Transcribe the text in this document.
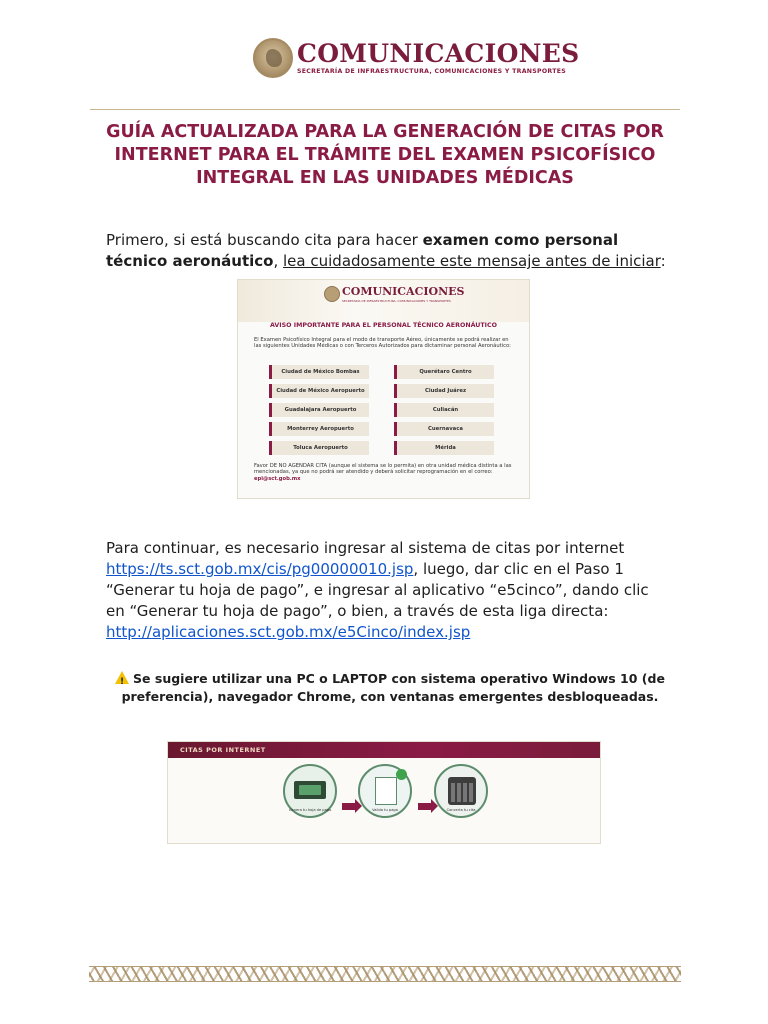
COMUNICACIONES
SECRETARÍA DE INFRAESTRUCTURA, COMUNICACIONES Y TRANSPORTES
GUÍA ACTUALIZADA PARA LA GENERACIÓN DE CITAS POR INTERNET PARA EL TRÁMITE DEL EXAMEN PSICOFÍSICO INTEGRAL EN LAS UNIDADES MÉDICAS
Primero, si está buscando cita para hacer examen como personal técnico aeronáutico, lea cuidadosamente este mensaje antes de iniciar:
COMUNICACIONES
SECRETARÍA DE INFRAESTRUCTURA, COMUNICACIONES Y TRANSPORTES
AVISO IMPORTANTE PARA EL PERSONAL TÉCNICO AERONÁUTICO
El Examen Psicofísico Integral para el modo de transporte Aéreo, únicamente se podrá realizar en las siguientes Unidades Médicas o con Terceros Autorizados para dictaminar personal Aeronáutico:
Ciudad de México Bombas
Ciudad de México Aeropuerto
Guadalajara Aeropuerto
Monterrey Aeropuerto
Toluca Aeropuerto
Querétaro Centro
Ciudad Juárez
Culiacán
Cuernavaca
Mérida
Favor DE NO AGENDAR CITA (aunque el sistema se lo permita) en otra unidad médica distinta a las mencionadas, ya que no podrá ser atendido y deberá solicitar reprogramación en el correo: epi@sct.gob.mx
Para continuar, es necesario ingresar al sistema de citas por internet https://ts.sct.gob.mx/cis/pg00000010.jsp, luego, dar clic en el Paso 1 “Generar tu hoja de pago”, e ingresar al aplicativo “e5cinco”, dando clic en “Generar tu hoja de pago”, o bien, a través de esta liga directa: http://aplicaciones.sct.gob.mx/e5Cinco/index.jsp
!Se sugiere utilizar una PC o LAPTOP con sistema operativo Windows 10 (de preferencia), navegador Chrome, con ventanas emergentes desbloqueadas.
CITAS POR INTERNET
Genera tu hoja de pago	Valida tu pago	Concerta tu cita
